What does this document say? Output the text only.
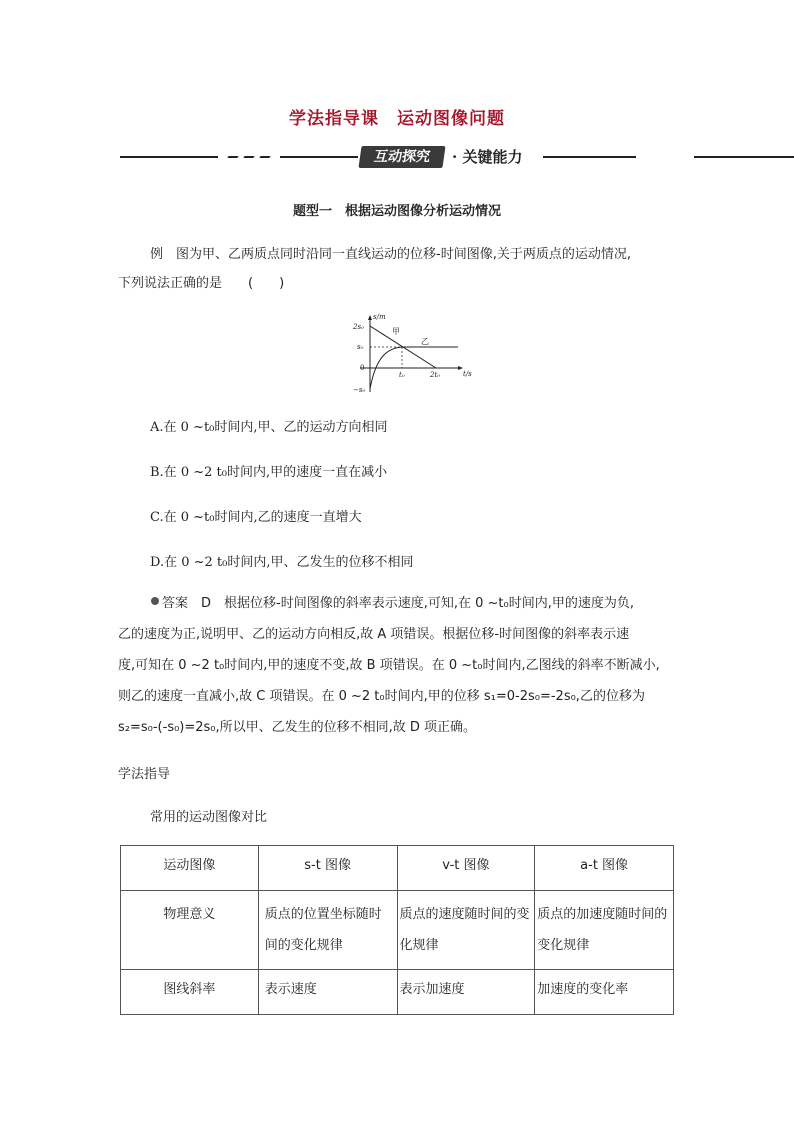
学法指导课　运动图像问题
互动探究	· 关键能力
题型一　根据运动图像分析运动情况
例　图为甲、乙两质点同时沿同一直线运动的位移-时间图像,关于两质点的运动情况,
下列说法正确的是　　(　　)
s/m
t/s
2s₀
s₀
0
−s₀
t₀	2t₀
甲
乙
A.在 0 ~t₀时间内,甲、乙的运动方向相同
B.在 0 ~2 t₀时间内,甲的速度一直在减小
C.在 0 ~t₀时间内,乙的速度一直增大
D.在 0 ~2 t₀时间内,甲、乙发生的位移不相同
答案　D　根据位移-时间图像的斜率表示速度,可知,在 0 ~t₀时间内,甲的速度为负,
乙的速度为正,说明甲、乙的运动方向相反,故 A 项错误。根据位移-时间图像的斜率表示速
度,可知在 0 ~2 t₀时间内,甲的速度不变,故 B 项错误。在 0 ~t₀时间内,乙图线的斜率不断减小,
则乙的速度一直减小,故 C 项错误。在 0 ~2 t₀时间内,甲的位移 s₁=0-2s₀=-2s₀,乙的位移为
s₂=s₀-(-s₀)=2s₀,所以甲、乙发生的位移不相同,故 D 项正确。
学法指导
常用的运动图像对比
运动图像	s-t 图像	v-t 图像	a-t 图像

物理意义	质点的位置坐标随时间的变化规律	质点的速度随时间的变化规律	质点的加速度随时间的变化规律

图线斜率	表示速度	表示加速度	加速度的变化率
